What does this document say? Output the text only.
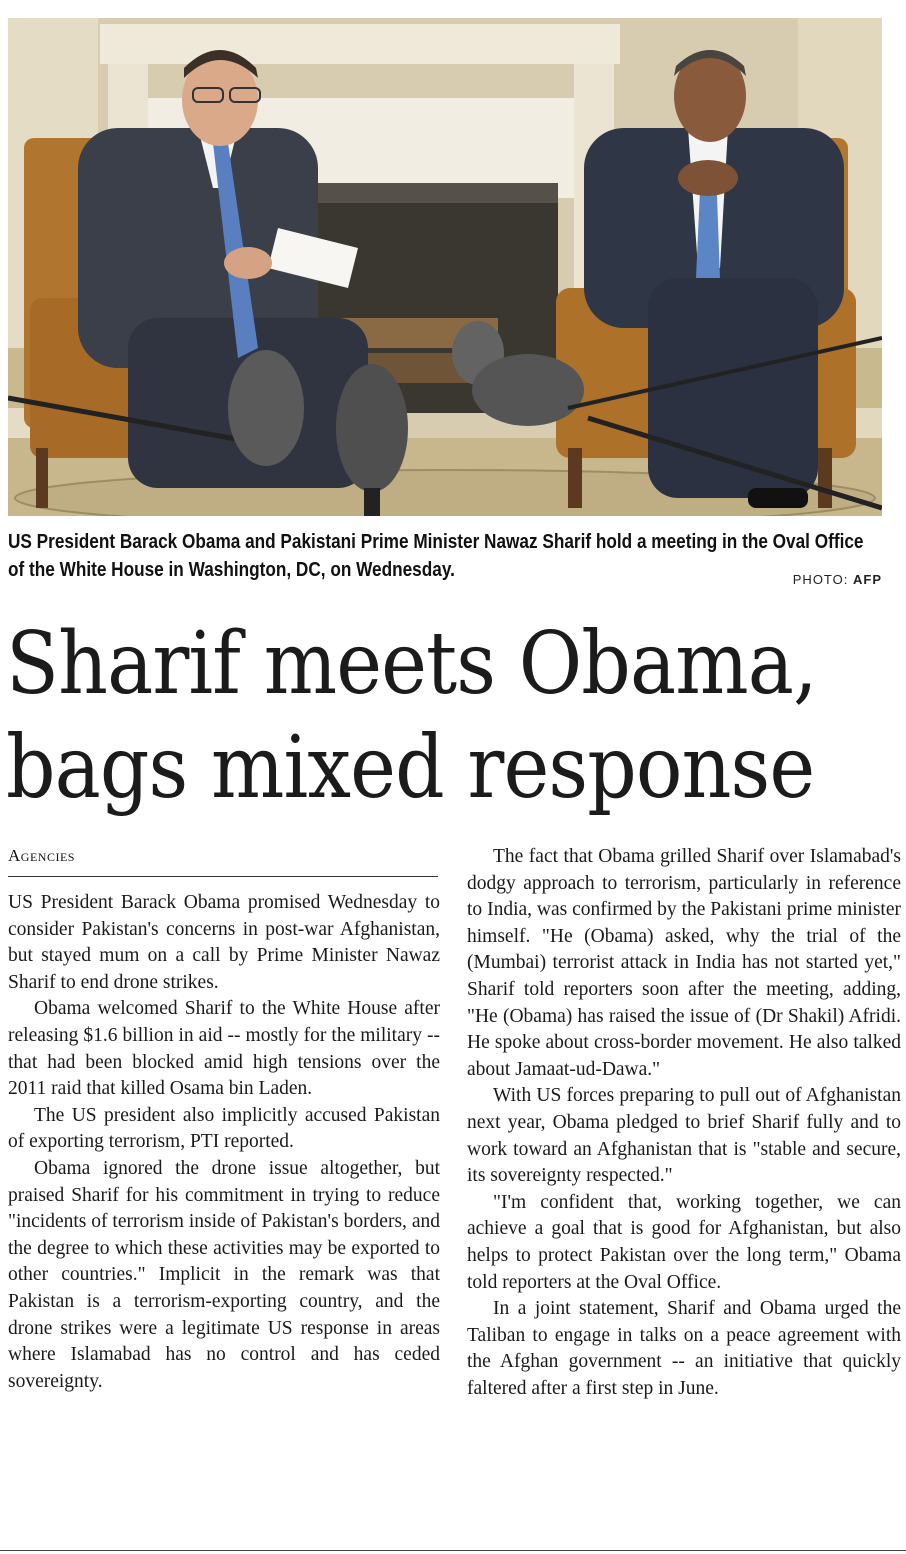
US President Barack Obama and Pakistani Prime Minister Nawaz Sharif hold a meeting in the Oval Office of the White House in Washington, DC, on Wednesday.	PHOTO: AFP
Sharif meets Obama, bags mixed response
Agencies

US President Barack Obama promised Wednesday to consider Pakistan's concerns in post-war Afghanistan, but stayed mum on a call by Prime Minister Nawaz Sharif to end drone strikes.

Obama welcomed Sharif to the White House after releasing $1.6 billion in aid -- mostly for the military -- that had been blocked amid high tensions over the 2011 raid that killed Osama bin Laden.

The US president also implicitly accused Pakistan of exporting terrorism, PTI reported.

Obama ignored the drone issue altogether, but praised Sharif for his commitment in trying to reduce "incidents of terrorism inside of Pakistan's borders, and the degree to which these activities may be exported to other countries." Implicit in the remark was that Pakistan is a terrorism-exporting country, and the drone strikes were a legitimate US response in areas where Islamabad has no control and has ceded sovereignty.

The fact that Obama grilled Sharif over Islamabad's dodgy approach to terrorism, particularly in reference to India, was confirmed by the Pakistani prime minister himself. "He (Obama) asked, why the trial of the (Mumbai) terrorist attack in India has not started yet," Sharif told reporters soon after the meeting, adding, "He (Obama) has raised the issue of (Dr Shakil) Afridi. He spoke about cross-border movement. He also talked about Jamaat-ud-Dawa."

With US forces preparing to pull out of Afghanistan next year, Obama pledged to brief Sharif fully and to work toward an Afghanistan that is "stable and secure, its sovereignty respected."

"I'm confident that, working together, we can achieve a goal that is good for Afghanistan, but also helps to protect Pakistan over the long term," Obama told reporters at the Oval Office.

In a joint statement, Sharif and Obama urged the Taliban to engage in talks on a peace agreement with the Afghan government -- an initiative that quickly faltered after a first step in June.
